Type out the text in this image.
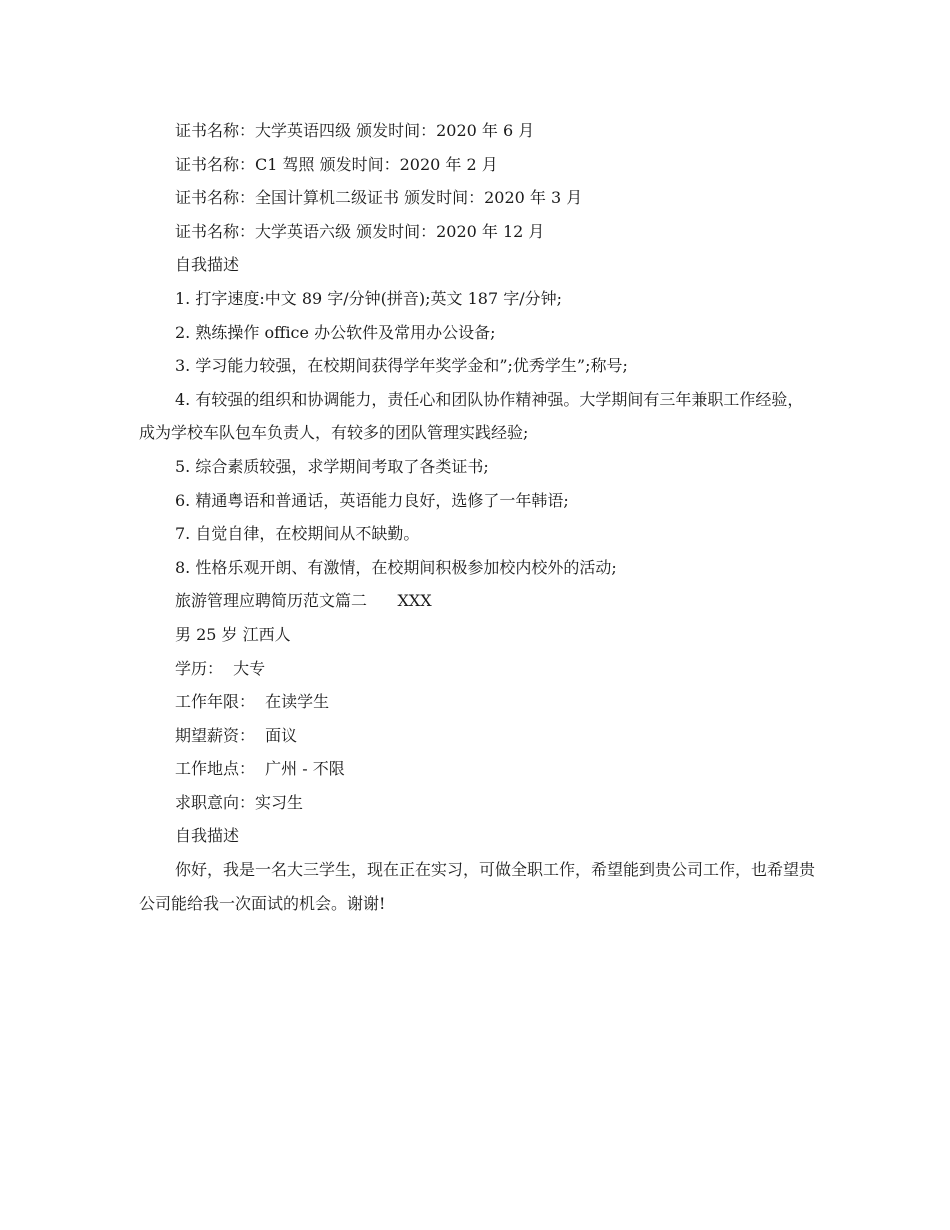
证书名称：大学英语四级 颁发时间：2020 年 6 月

证书名称：C1 驾照 颁发时间：2020 年 2 月

证书名称：全国计算机二级证书 颁发时间：2020 年 3 月

证书名称：大学英语六级 颁发时间：2020 年 12 月

自我描述

1. 打字速度:中文 89 字/分钟(拼音);英文 187 字/分钟;

2. 熟练操作 office 办公软件及常用办公设备;

3. 学习能力较强，在校期间获得学年奖学金和”;优秀学生”;称号;

4. 有较强的组织和协调能力，责任心和团队协作精神强。大学期间有三年兼职工作经验，成为学校车队包车负责人，有较多的团队管理实践经验;

5. 综合素质较强，求学期间考取了各类证书;

6. 精通粤语和普通话，英语能力良好，选修了一年韩语;

7. 自觉自律，在校期间从不缺勤。

8. 性格乐观开朗、有激情，在校期间积极参加校内校外的活动;

旅游管理应聘简历范文篇二      XXX

男 25 岁 江西人

学历：  大专

工作年限：  在读学生

期望薪资：  面议

工作地点：  广州 - 不限

求职意向：实习生

自我描述

你好，我是一名大三学生，现在正在实习，可做全职工作，希望能到贵公司工作，也希望贵公司能给我一次面试的机会。谢谢!
